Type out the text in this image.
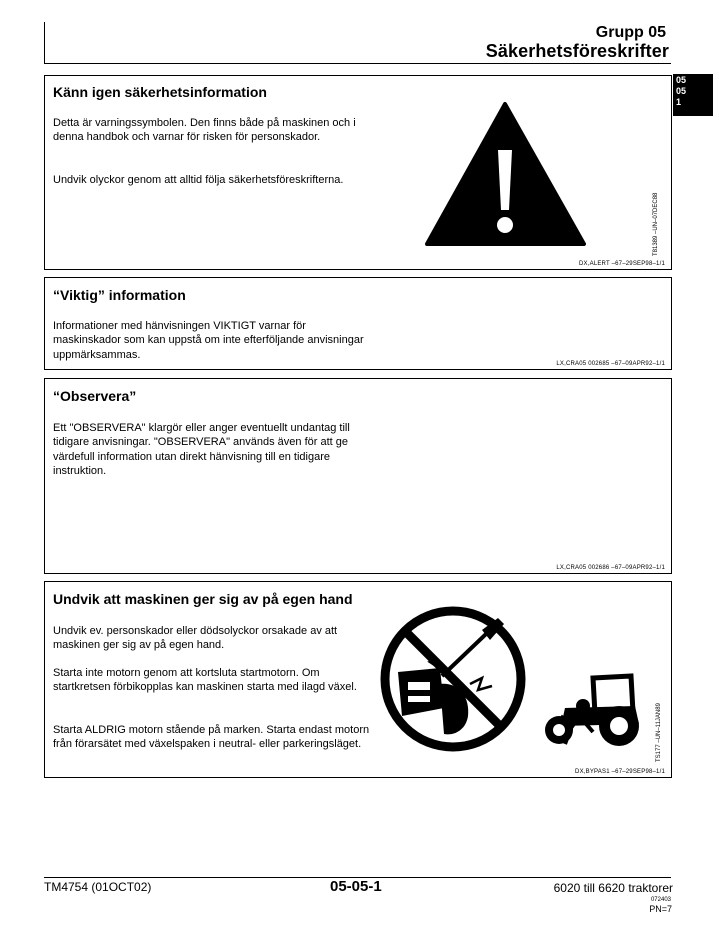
Grupp 05
Säkerhetsföreskrifter
05
05
1
Känn igen säkerhetsinformation
Detta är varningssymbolen. Den finns både på maskinen och i denna handbok och varnar för risken för personskador.
Undvik olyckor genom att alltid följa säkerhetsföreskrifterna.
T81389 –UN–07DEC88
DX,ALERT –67–29SEP98–1/1
“Viktig” information
Informationer med hänvisningen VIKTIGT varnar för maskinskador som kan uppstå om inte efterföljande anvisningar uppmärksammas.
LX,CRA05 002685 –67–09APR92–1/1
“Observera”
Ett "OBSERVERA" klargör eller anger eventuellt undantag till tidigare anvisningar. "OBSERVERA" används även för att ge värdefull information utan direkt hänvisning till en tidigare instruktion.
LX,CRA05 002686 –67–09APR92–1/1
Undvik att maskinen ger sig av på egen hand
Undvik ev. personskador eller dödsolyckor orsakade av att maskinen ger sig av på egen hand.
Starta inte motorn genom att kortsluta startmotorn. Om startkretsen förbikopplas kan maskinen starta med ilagd växel.
Starta ALDRIG motorn stående på marken. Starta endast motorn från förarsätet med växelspaken i neutral- eller parkeringsläget.	TS177 –UN–11JAN89
DX,BYPAS1 –67–29SEP98–1/1
TM4754 (01OCT02)	05-05-1	6020 till 6620 traktorer
072403
PN=7
